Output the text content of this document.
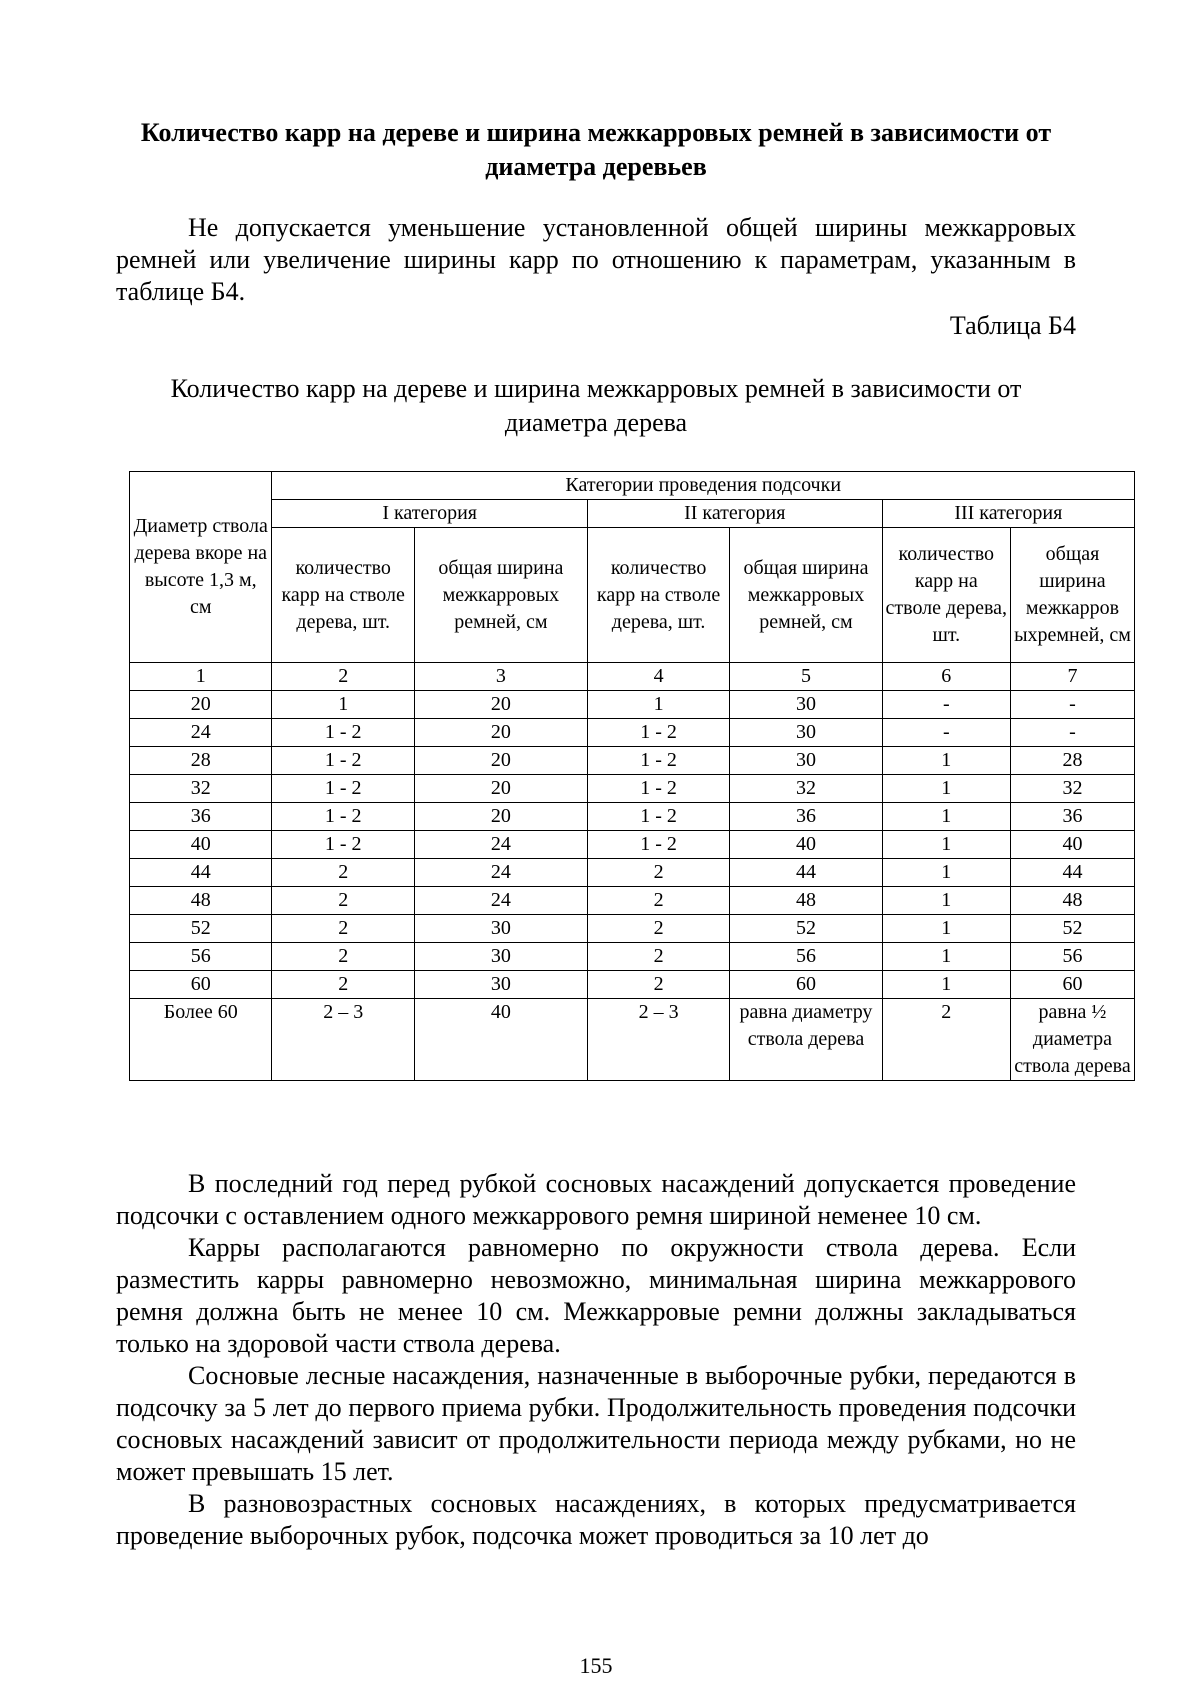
Количество карр на дереве и ширина межкарровых ремней в зависимости от диаметра деревьев

Не допускается уменьшение установленной общей ширины межкарровых ремней или увеличение ширины карр по отношению к параметрам, указанным в таблице Б4.

Таблица Б4
Количество карр на дереве и ширина межкарровых ремней в зависимости от диаметра дерева
Диаметр ствола дерева вкоре на высоте 1,3 м, см	Категории проведения подсочки					
	I категория		II категория		III категория	
	количество карр на стволе дерева, шт.	общая ширина межкарровых ремней, см	количество карр на стволе дерева, шт.	общая ширина межкарровых ремней, см	количество карр на стволе дерева, шт.	общая ширина межкарров ыхремней, см
1	2	3	4	5	6	7
20	1	20	1	30	-	-
24	1 - 2	20	1 - 2	30	-	-
28	1 - 2	20	1 - 2	30	1	28
32	1 - 2	20	1 - 2	32	1	32
36	1 - 2	20	1 - 2	36	1	36
40	1 - 2	24	1 - 2	40	1	40
44	2	24	2	44	1	44
48	2	24	2	48	1	48
52	2	30	2	52	1	52
56	2	30	2	56	1	56
60	2	30	2	60	1	60
Более 60	2 – 3	40	2 – 3	равна диаметру ствола дерева	2	равна ½ диаметра ствола дерева

В последний год перед рубкой сосновых насаждений допускается проведение подсочки с оставлением одного межкаррового ремня шириной неменее 10 см.

Карры располагаются равномерно по окружности ствола дерева. Если разместить карры равномерно невозможно, минимальная ширина межкаррового ремня должна быть не менее 10 см. Межкарровые ремни должны закладываться только на здоровой части ствола дерева.

Сосновые лесные насаждения, назначенные в выборочные рубки, передаются в подсочку за 5 лет до первого приема рубки. Продолжительность проведения подсочки сосновых насаждений зависит от продолжительности периода между рубками, но не может превышать 15 лет.

В разновозрастных сосновых насаждениях, в которых предусматривается проведение выборочных рубок, подсочка может проводиться за 10 лет до

155
